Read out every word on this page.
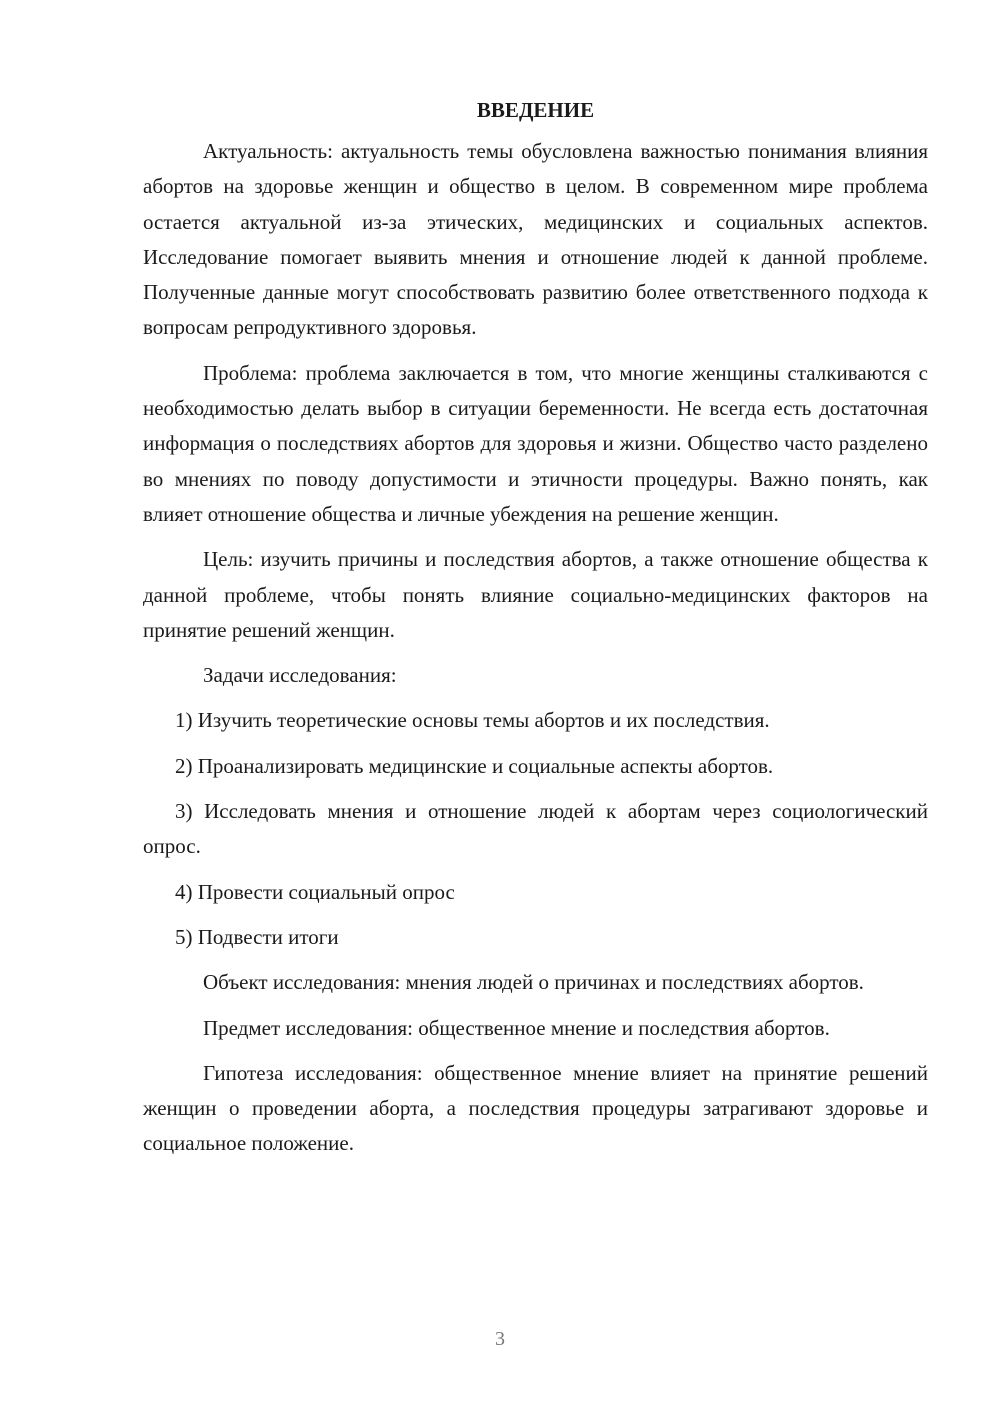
ВВЕДЕНИЕ

Актуальность: актуальность темы обусловлена важностью понимания влияния абортов на здоровье женщин и общество в целом. В современном мире проблема остается актуальной из-за этических, медицинских и социальных аспектов. Исследование помогает выявить мнения и отношение людей к данной проблеме. Полученные данные могут способствовать развитию более ответственного подхода к вопросам репродуктивного здоровья.

Проблема: проблема заключается в том, что многие женщины сталкиваются с необходимостью делать выбор в ситуации беременности. Не всегда есть достаточная информация о последствиях абортов для здоровья и жизни. Общество часто разделено во мнениях по поводу допустимости и этичности процедуры. Важно понять, как влияет отношение общества и личные убеждения на решение женщин.

Цель: изучить причины и последствия абортов, а также отношение общества к данной проблеме, чтобы понять влияние социально-медицинских факторов на принятие решений женщин.

Задачи исследования:

1) Изучить теоретические основы темы абортов и их последствия.

2) Проанализировать медицинские и социальные аспекты абортов.

3) Исследовать мнения и отношение людей к абортам через социологический опрос.

4) Провести социальный опрос

5) Подвести итоги

Объект исследования: мнения людей о причинах и последствиях абортов.

Предмет исследования: общественное мнение и последствия абортов.

Гипотеза исследования: общественное мнение влияет на принятие решений женщин о проведении аборта, а последствия процедуры затрагивают здоровье и социальное положение.

3
